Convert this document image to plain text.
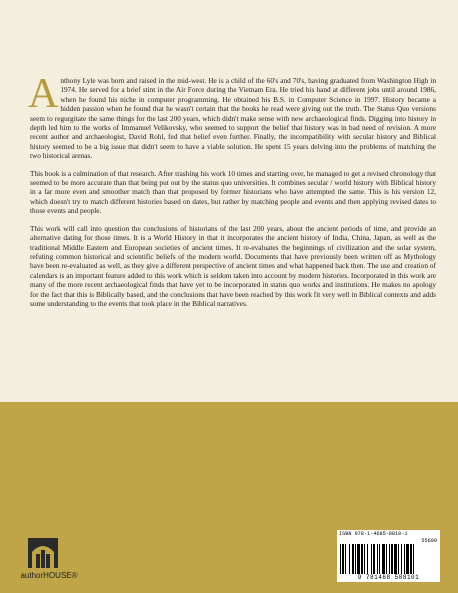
Anthony Lyle was born and raised in the mid-west. He is a child of the 60's and 70's, having graduated from Washington High in 1974. He served for a brief stint in the Air Force during the Vietnam Era. He tried his hand at different jobs until around 1986, when he found his niche in computer programming. He obtained his B.S. in Computer Science in 1997. History became a hidden passion when he found that he wasn't certain that the books he read were giving out the truth. The Status Quo versions seem to regurgitate the same things for the last 200 years, which didn't make sense with new archaeological finds. Digging into history in depth led him to the works of Immanuel Velikovsky, who seemed to support the belief that history was in bad need of revision. A more recent author and archaeologist, David Rohl, fed that belief even further. Finally, the incompatibility with secular history and Biblical history seemed to be a big issue that didn't seem to have a viable solution. He spent 15 years delving into the problems of matching the two historical arenas.

This book is a culmination of that research. After trashing his work 10 times and starting over, he managed to get a revised chronology that seemed to be more accurate than that being put out by the status quo universities. It combines secular / world history with Biblical history in a far more even and smoother match than that proposed by former historians who have attempted the same. This is his version 12, which doesn't try to match different histories based on dates, but rather by matching people and events and then applying revised dates to those events and people.

This work will call into question the conclusions of historians of the last 200 years, about the ancient periods of time, and provide an alternative dating for those times. It is a World History in that it incorporates the ancient history of India, China, Japan, as well as the traditional Middle Eastern and European societies of ancient times. It re-evaluates the beginnings of civilization and the solar system, refuting common historical and scientific beliefs of the modern world. Documents that have previously been written off as Mythology have been re-evaluated as well, as they give a different perspective of ancient times and what happened back then. The use and creation of calendars is an important feature added to this work which is seldom taken into account by modern histories. Incorporated in this work are many of the more recent archaeological finds that have yet to be incorporated in status quo works and institutions. He makes no apology for the fact that this is Biblically based, and the conclusions that have been reached by this work fit very well in Biblical contexts and adds some understanding to the events that took place in the Biblical narratives.

authorHOUSE®
ISBN 978-1-4685-8810-1
55699
9 781468 588101
